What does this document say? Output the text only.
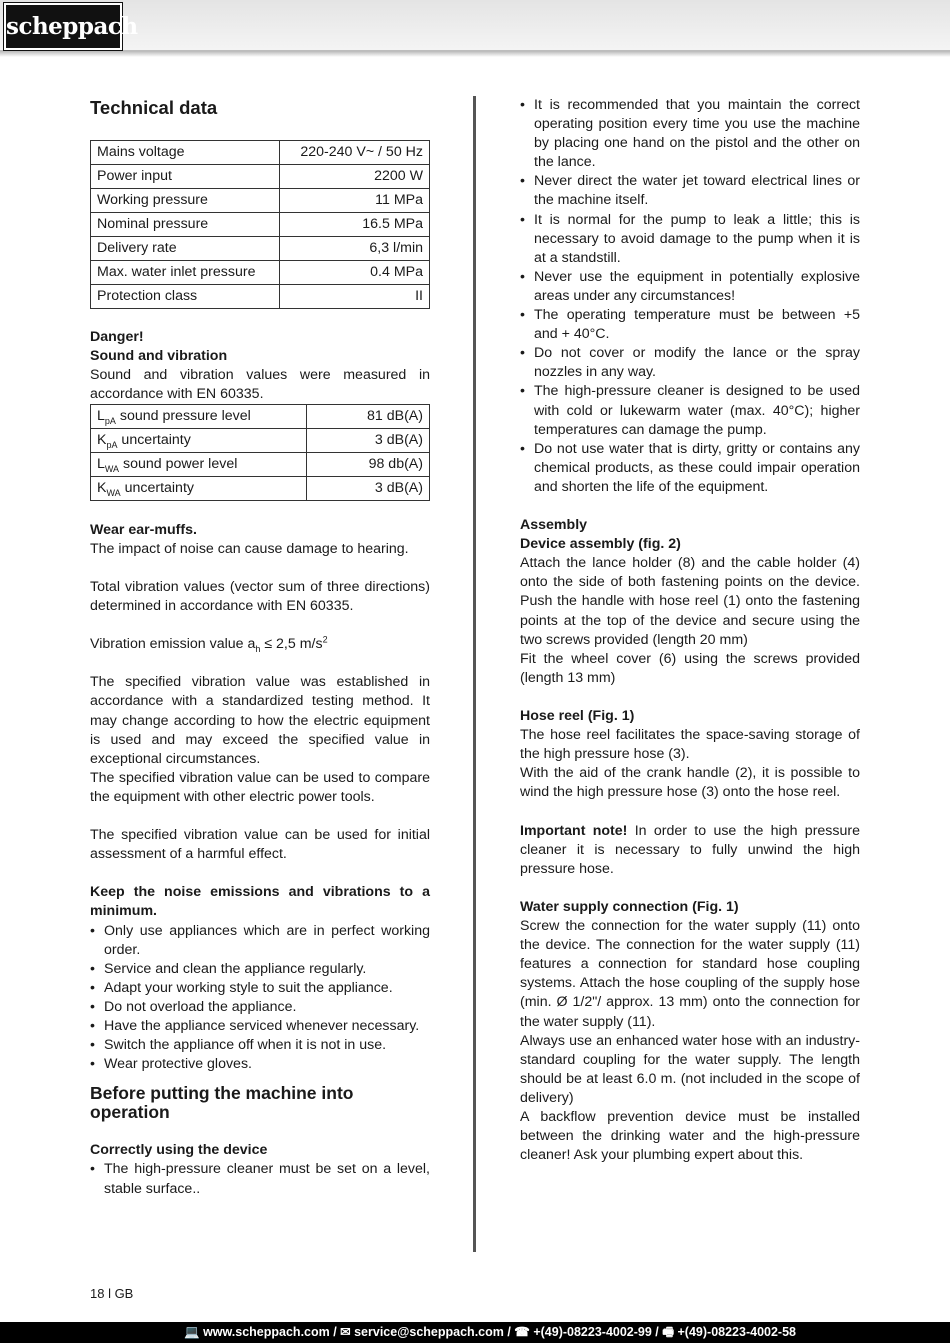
scheppach
Technical data
Mains voltage	220-240 V~ / 50 Hz
Power input	2200 W
Working pressure	11 MPa
Nominal pressure	16.5 MPa
Delivery rate	6,3 l/min
Max. water inlet pressure	0.4 MPa
Protection class	II
Danger!
Sound and vibration

Sound and vibration values were measured in accordance with EN 60335.

$L_{pA}$ sound pressure level	81 dB(A)
$K_{pA}$ uncertainty	3 dB(A)
$L_{WA}$ sound power level	98 db(A)
$K_{WA}$ uncertainty	3 dB(A)
Wear ear-muffs.

The impact of noise can cause damage to hearing.

Total vibration values (vector sum of three directions) determined in accordance with EN 60335.

Vibration emission value $a_h \le 2,5$ $m/s^2$

The specified vibration value was established in accordance with a standardized testing method. It may change according to how the electric equipment is used and may exceed the specified value in exceptional circumstances.

The specified vibration value can be used to compare the equipment with other electric power tools.

The specified vibration value can be used for initial assessment of a harmful effect.

Keep the noise emissions and vibrations to a minimum.
• Only use appliances which are in perfect working order.
• Service and clean the appliance regularly.
• Adapt your working style to suit the appliance.
• Do not overload the appliance.
• Have the appliance serviced whenever necessary.
• Switch the appliance off when it is not in use.
• Wear protective gloves.
Before putting the machine into operation
Correctly using the device
• The high-pressure cleaner must be set on a level, stable surface..
• It is recommended that you maintain the correct operating position every time you use the machine by placing one hand on the pistol and the other on the lance.
• Never direct the water jet toward electrical lines or the machine itself.
• It is normal for the pump to leak a little; this is necessary to avoid damage to the pump when it is at a standstill.
• Never use the equipment in potentially explosive areas under any circumstances!
• The operating temperature must be between +5 and + 40°C.
• Do not cover or modify the lance or the spray nozzles in any way.
• The high-pressure cleaner is designed to be used with cold or lukewarm water (max. 40°C); higher temperatures can damage the pump.
• Do not use water that is dirty, gritty or contains any chemical products, as these could impair operation and shorten the life of the equipment.
Assembly
Device assembly (fig. 2)

Attach the lance holder (8) and the cable holder (4) onto the side of both fastening points on the device. Push the handle with hose reel (1) onto the fastening points at the top of the device and secure using the two screws provided (length 20 mm)

Fit the wheel cover (6) using the screws provided (length 13 mm)

Hose reel (Fig. 1)

The hose reel facilitates the space-saving storage of the high pressure hose (3).

With the aid of the crank handle (2), it is possible to wind the high pressure hose (3) onto the hose reel.

Important note! In order to use the high pressure cleaner it is necessary to fully unwind the high pressure hose.

Water supply connection (Fig. 1)

Screw the connection for the water supply (11) onto the device. The connection for the water supply (11) features a connection for standard hose coupling systems. Attach the hose coupling of the supply hose (min. Ø 1/2"/ approx. 13 mm) onto the connection for the water supply (11).

Always use an enhanced water hose with an industry-standard coupling for the water supply. The length should be at least 6.0 m. (not included in the scope of delivery)

A backflow prevention device must be installed between the drinking water and the high-pressure cleaner! Ask your plumbing expert about this.

18 l GB
💻 www.scheppach.com / ✉ service@scheppach.com / ☎ +(49)-08223-4002-99 / 🖷 +(49)-08223-4002-58
